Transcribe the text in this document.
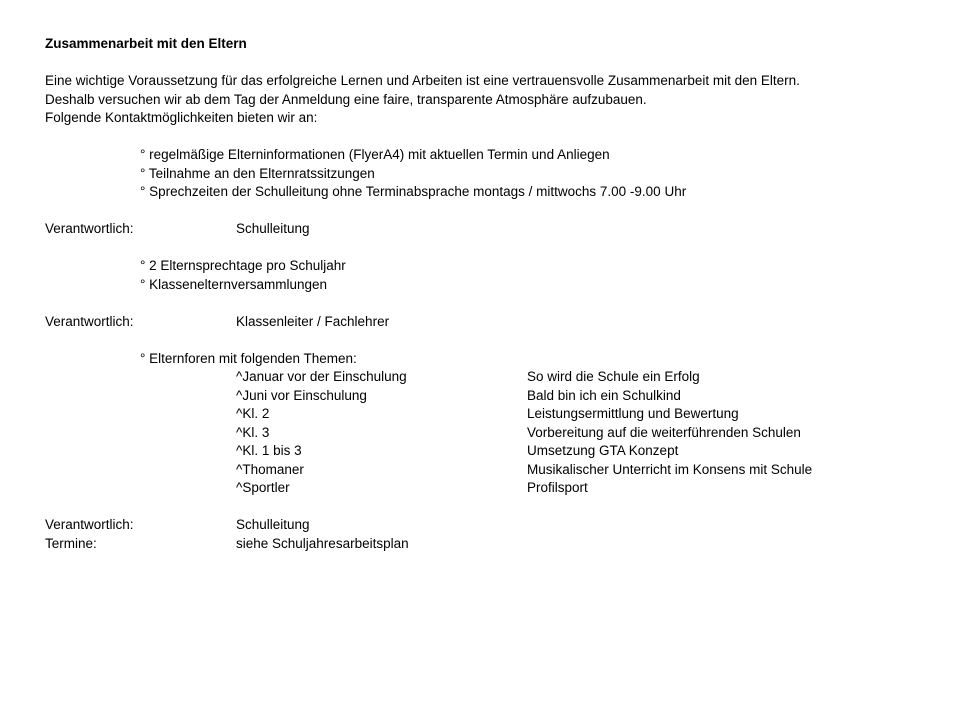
Zusammenarbeit mit den Eltern
Eine wichtige Voraussetzung für das erfolgreiche Lernen und Arbeiten ist eine vertrauensvolle Zusammenarbeit mit den Eltern.
Deshalb versuchen wir ab dem Tag der Anmeldung eine faire, transparente Atmosphäre aufzubauen.
Folgende Kontaktmöglichkeiten bieten wir an:
° regelmäßige Elterninformationen (FlyerA4) mit aktuellen Termin und Anliegen
° Teilnahme an den Elternratssitzungen
° Sprechzeiten der Schulleitung ohne Terminabsprache montags / mittwochs 7.00 -9.00 Uhr
Verantwortlich:	Schulleitung
° 2 Elternsprechtage pro Schuljahr
° Klassenelternversammlungen
Verantwortlich:	Klassenleiter / Fachlehrer
° Elternforen mit folgenden Themen:
^Januar vor der Einschulung	So wird die Schule ein Erfolg
^Juni vor Einschulung	Bald bin ich ein Schulkind
^Kl. 2	Leistungsermittlung und Bewertung
^Kl. 3	Vorbereitung auf die weiterführenden Schulen
^Kl. 1 bis 3	Umsetzung GTA Konzept
^Thomaner	Musikalischer Unterricht im Konsens mit Schule
^Sportler	Profilsport
Verantwortlich:	Schulleitung
Termine:	siehe Schuljahresarbeitsplan
